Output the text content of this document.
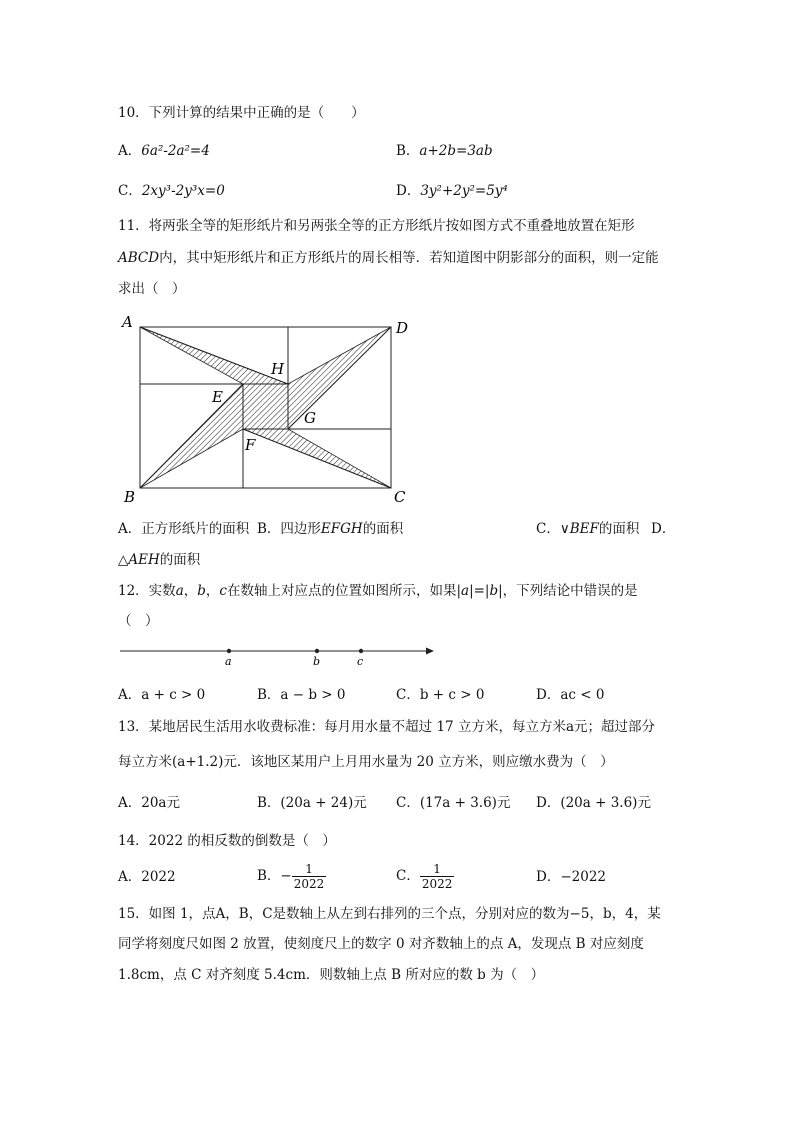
10．下列计算的结果中正确的是（　　）
A．6a²-2a²=4	B．a+2b=3ab
C．2xy³-2y³x=0	D．3y²+2y²=5y⁴
11．将两张全等的矩形纸片和另两张全等的正方形纸片按如图方式不重叠地放置在矩形
ABCD内，其中矩形纸片和正方形纸片的周长相等．若知道图中阴影部分的面积，则一定能
求出（　）
A	D
B	C
H
E
G
F
A．正方形纸片的面积 B．四边形EFGH的面积	C．∨BEF的面积 D．
△AEH的面积
12．实数a，b，c在数轴上对应点的位置如图所示，如果|a|=|b|，下列结论中错误的是
（　）
a	b	c
A．a + c > 0	B．a − b > 0	C．b + c > 0	D．ac < 0
13．某地居民生活用水收费标准：每月用水量不超过 17 立方米，每立方米a元；超过部分
每立方米(a+1.2)元．该地区某用户上月用水量为 20 立方米，则应缴水费为（　）
A．20a元	B．(20a + 24)元 C．(17a + 3.6)元 D．(20a + 3.6)元
14．2022 的相反数的倒数是（　）
A．2022	B．− $\frac{1}{2022}$	C． $\frac{1}{2022}$	D．−2022
15．如图 1，点A，B，C是数轴上从左到右排列的三个点，分别对应的数为−5，b，4，某
同学将刻度尺如图 2 放置，使刻度尺上的数字 0 对齐数轴上的点 A，发现点 B 对应刻度
1.8cm，点 C 对齐刻度 5.4cm．则数轴上点 B 所对应的数 b 为（　）
